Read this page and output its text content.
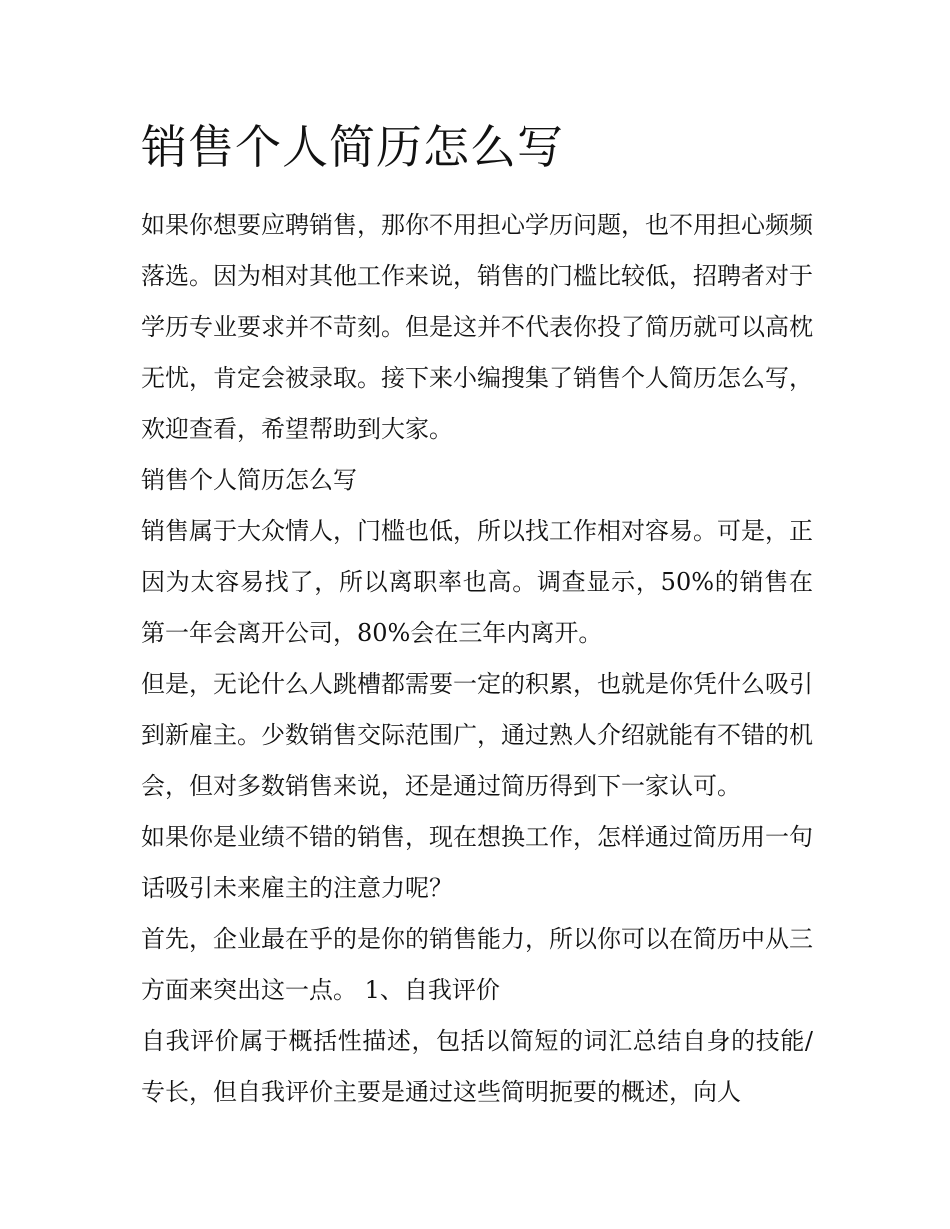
销售个人简历怎么写

如果你想要应聘销售，那你不用担心学历问题，也不用担心频频落选。因为相对其他工作来说，销售的门槛比较低，招聘者对于学历专业要求并不苛刻。但是这并不代表你投了简历就可以高枕无忧，肯定会被录取。接下来小编搜集了销售个人简历怎么写，欢迎查看，希望帮助到大家。

销售个人简历怎么写

销售属于大众情人，门槛也低，所以找工作相对容易。可是，正因为太容易找了，所以离职率也高。调查显示，50%的销售在第一年会离开公司，80%会在三年内离开。

但是，无论什么人跳槽都需要一定的积累，也就是你凭什么吸引到新雇主。少数销售交际范围广，通过熟人介绍就能有不错的机会，但对多数销售来说，还是通过简历得到下一家认可。

如果你是业绩不错的销售，现在想换工作，怎样通过简历用一句话吸引未来雇主的注意力呢？

首先，企业最在乎的是你的销售能力，所以你可以在简历中从三方面来突出这一点。 1、自我评价

自我评价属于概括性描述，包括以简短的词汇总结自身的技能/专长，但自我评价主要是通过这些简明扼要的概述，向人
